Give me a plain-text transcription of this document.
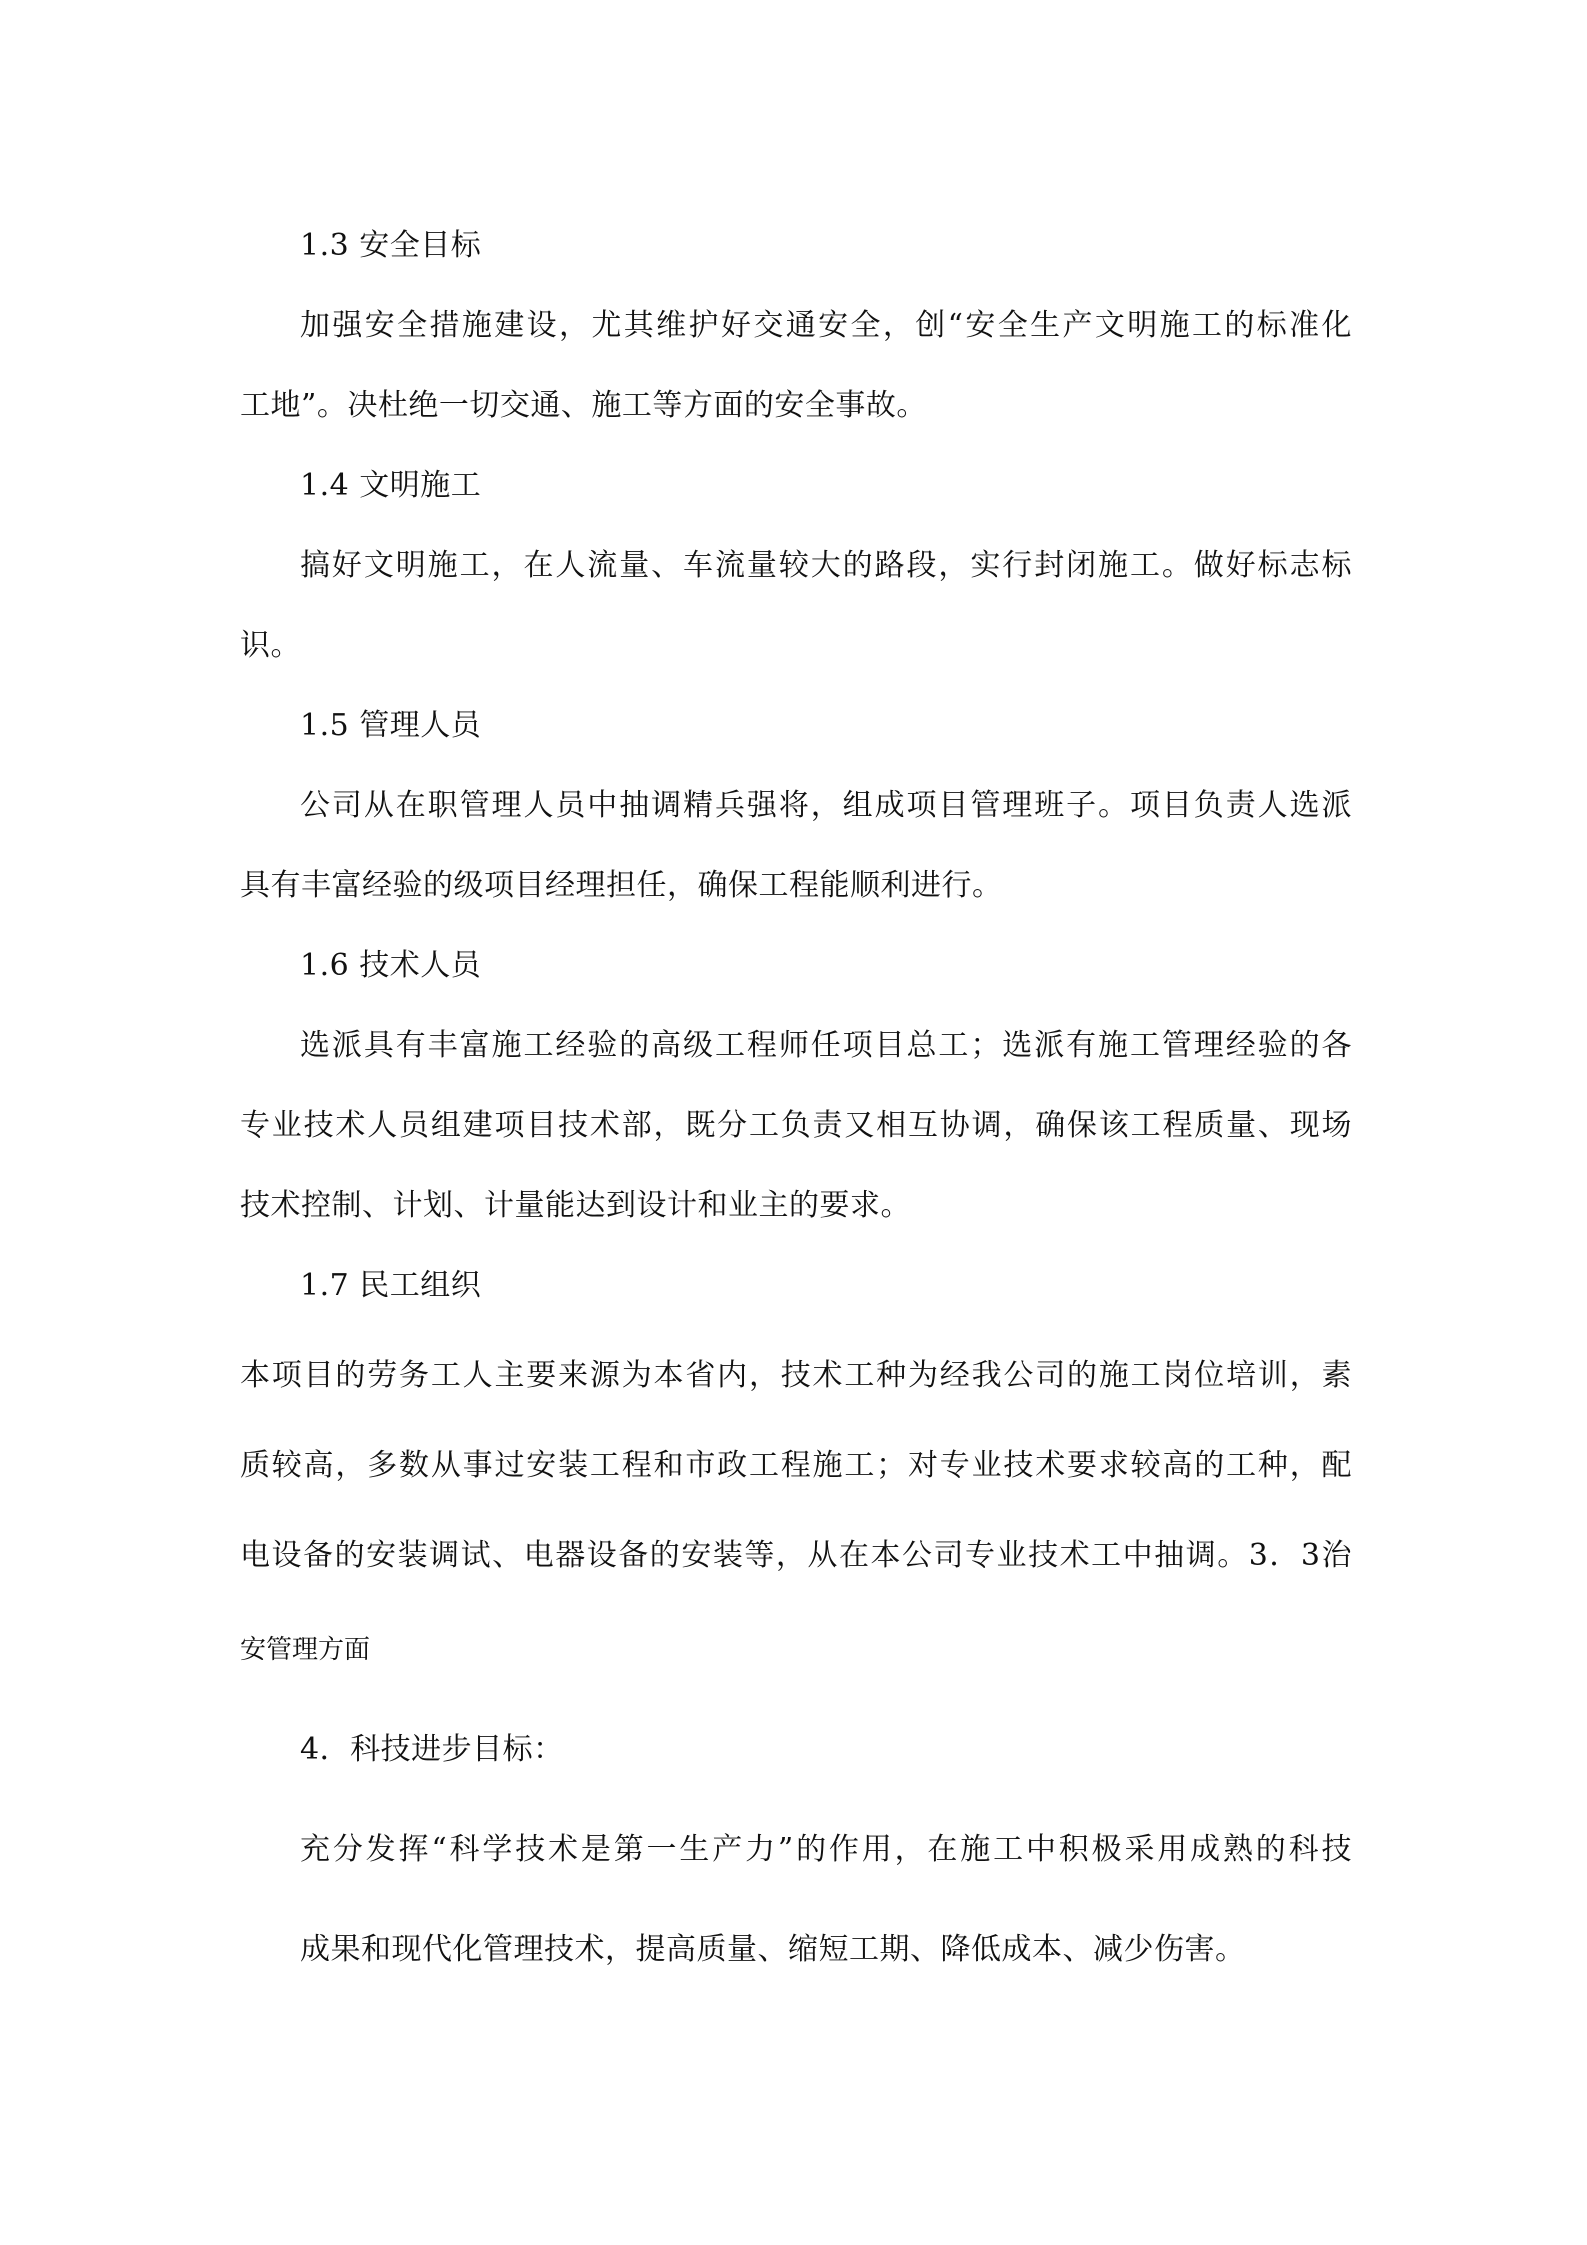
1.3 安全目标
加强安全措施建设，尤其维护好交通安全，创“安全生产文明施工的标准化
工地”。决杜绝一切交通、施工等方面的安全事故。
1.4 文明施工
搞好文明施工，在人流量、车流量较大的路段，实行封闭施工。做好标志标
识。
1.5 管理人员
公司从在职管理人员中抽调精兵强将，组成项目管理班子。项目负责人选派
具有丰富经验的级项目经理担任，确保工程能顺利进行。
1.6 技术人员
选派具有丰富施工经验的高级工程师任项目总工；选派有施工管理经验的各
专业技术人员组建项目技术部，既分工负责又相互协调，确保该工程质量、现场
技术控制、计划、计量能达到设计和业主的要求。
1.7 民工组织
本项目的劳务工人主要来源为本省内，技术工种为经我公司的施工岗位培训，素
质较高，多数从事过安装工程和市政工程施工；对专业技术要求较高的工种，配
电设备的安装调试、电器设备的安装等，从在本公司专业技术工中抽调。3．3治
安管理方面
4．科技进步目标：
充分发挥“科学技术是第一生产力”的作用，在施工中积极采用成熟的科技
成果和现代化管理技术，提高质量、缩短工期、降低成本、减少伤害。
